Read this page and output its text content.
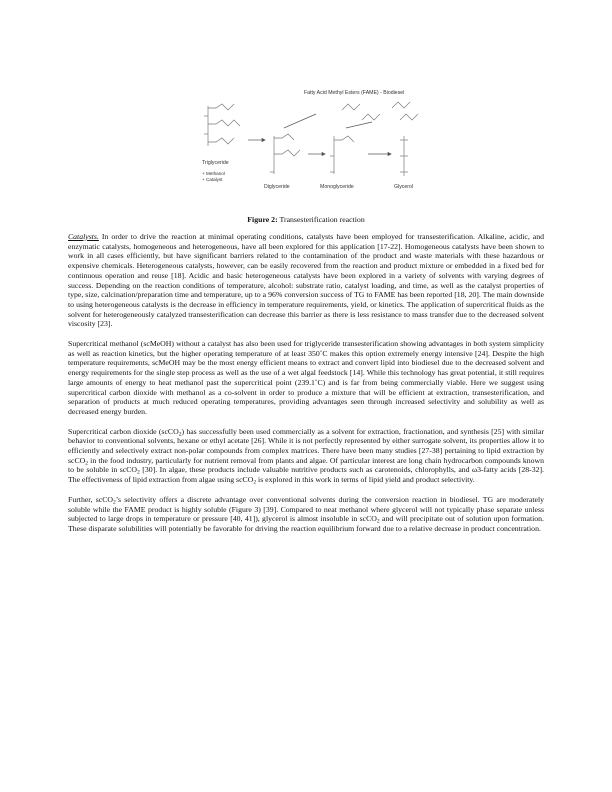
Fatty Acid Methyl Esters (FAME) - Biodiesel
Triglyceride
+ Methanol
+ Catalyst
Diglyceride	Monoglyceride	Glycerol
Figure 2: Transesterification reaction

Catalysts. In order to drive the reaction at minimal operating conditions, catalysts have been employed for transesterification. Alkaline, acidic, and enzymatic catalysts, homogeneous and heterogeneous, have all been explored for this application [17-22]. Homogeneous catalysts have been shown to work in all cases efficiently, but have significant barriers related to the contamination of the product and waste materials with these hazardous or expensive chemicals. Heterogeneous catalysts, however, can be easily recovered from the reaction and product mixture or embedded in a fixed bed for continuous operation and reuse [18]. Acidic and basic heterogeneous catalysts have been explored in a variety of solvents with varying degrees of success. Depending on the reaction conditions of temperature, alcohol: substrate ratio, catalyst loading, and time, as well as the catalyst properties of type, size, calcination/preparation time and temperature, up to a 96% conversion success of TG to FAME has been reported [18, 20]. The main downside to using heterogeneous catalysts is the decrease in efficiency in temperature requirements, yield, or kinetics. The application of supercritical fluids as the solvent for heterogeneously catalyzed transesterification can decrease this barrier as there is less resistance to mass transfer due to the decreased solvent viscosity [23].

Supercritical methanol (scMeOH) without a catalyst has also been used for triglyceride transesterification showing advantages in both system simplicity as well as reaction kinetics, but the higher operating temperature of at least 350˚C makes this option extremely energy intensive [24]. Despite the high temperature requirements, scMeOH may be the most energy efficient means to extract and convert lipid into biodiesel due to the decreased solvent and energy requirements for the single step process as well as the use of a wet algal feedstock [14]. While this technology has great potential, it still requires large amounts of energy to heat methanol past the supercritical point (239.1˚C) and is far from being commercially viable. Here we suggest using supercritical carbon dioxide with methanol as a co-solvent in order to produce a mixture that will be efficient at extraction, transesterification, and separation of products at much reduced operating temperatures, providing advantages seen through increased selectivity and solubility as well as decreased energy burden.

Supercritical carbon dioxide (scCO$_2$) has successfully been used commercially as a solvent for extraction, fractionation, and synthesis [25] with similar behavior to conventional solvents, hexane or ethyl acetate [26]. While it is not perfectly represented by either surrogate solvent, its properties allow it to efficiently and selectively extract non-polar compounds from complex matrices. There have been many studies [27-38] pertaining to lipid extraction by scCO$_2$ in the food industry, particularly for nutrient removal from plants and algae. Of particular interest are long chain hydrocarbon compounds known to be soluble in scCO$_2$ [30]. In algae, these products include valuable nutritive products such as carotenoids, chlorophylls, and ω3-fatty acids [28-32]. The effectiveness of lipid extraction from algae using scCO$_2$ is explored in this work in terms of lipid yield and product selectivity.

Further, scCO$_2$’s selectivity offers a discrete advantage over conventional solvents during the conversion reaction in biodiesel. TG are moderately soluble while the FAME product is highly soluble (Figure 3) [39]. Compared to neat methanol where glycerol will not typically phase separate unless subjected to large drops in temperature or pressure [40, 41]), glycerol is almost insoluble in scCO$_2$ and will precipitate out of solution upon formation. These disparate solubilities will potentially be favorable for driving the reaction equilibrium forward due to a relative decrease in product concentration.
